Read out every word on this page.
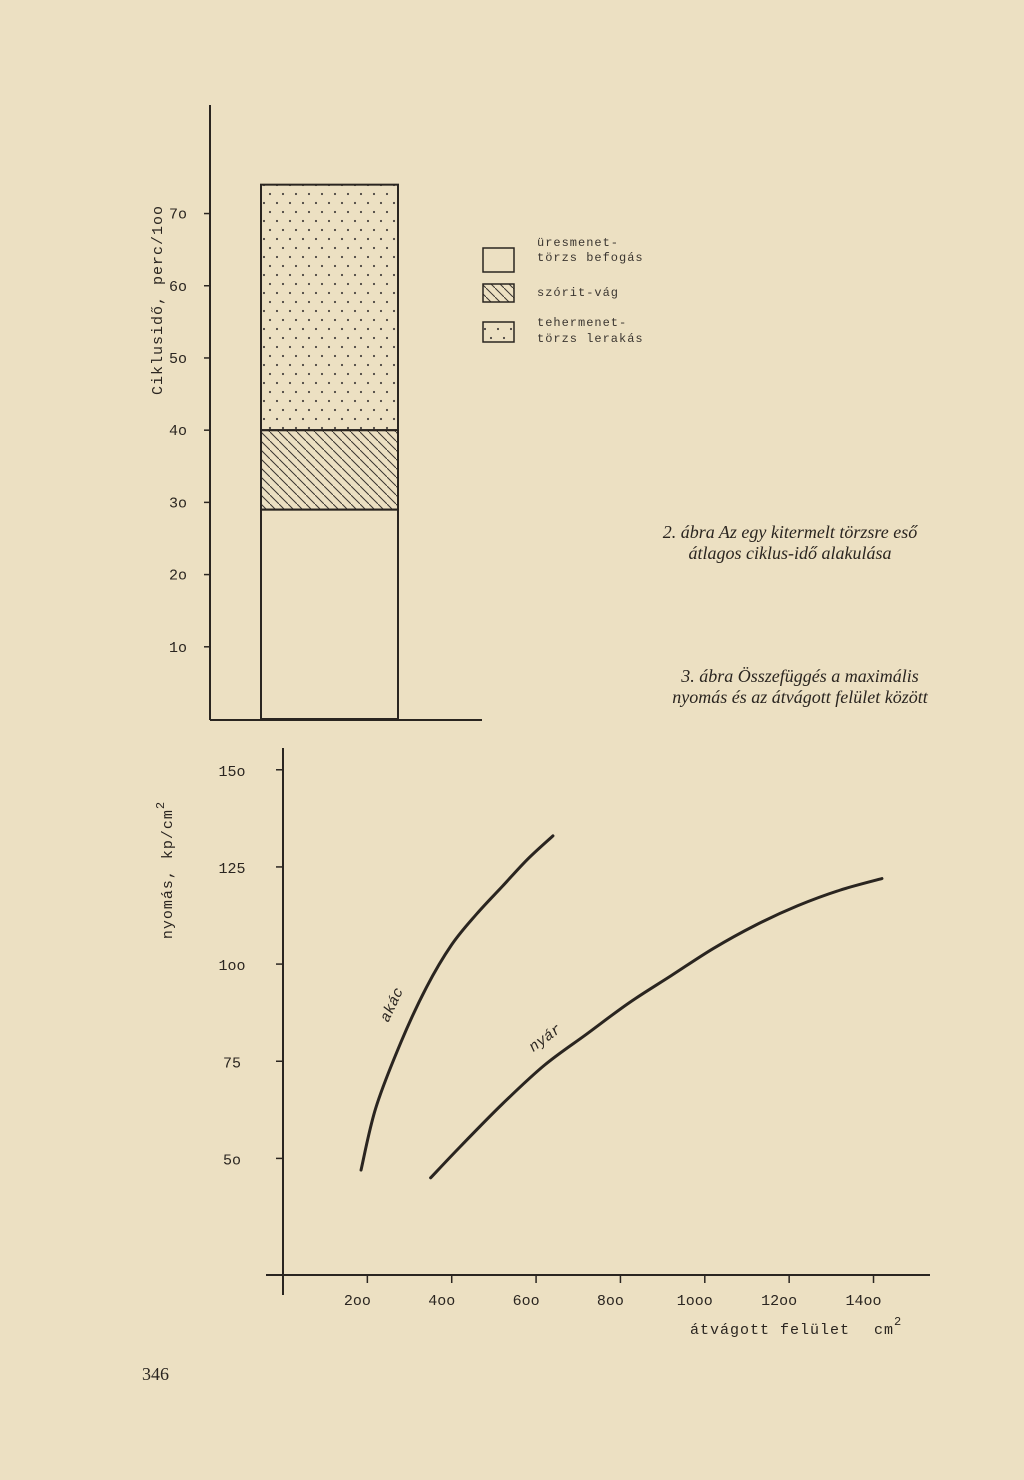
Ciklusidő, perc/1oo
1o
2o
3o
4o
5o
6o
7o
üresmenet-
törzs befogás
szórit-vág
tehermenet-
törzs lerakás
nyomás, $kp/cm^2$
átvágott felület $cm^2$
5o
75
1oo
125
15o
2oo	4oo	6oo	8oo	1ooo	12oo	14oo
akác
nyár
2. ábra Az egy kitermelt törzsre eső átlagos ciklus-idő alakulása
3. ábra Összefüggés a maximális nyomás és az átvágott felület között
346
